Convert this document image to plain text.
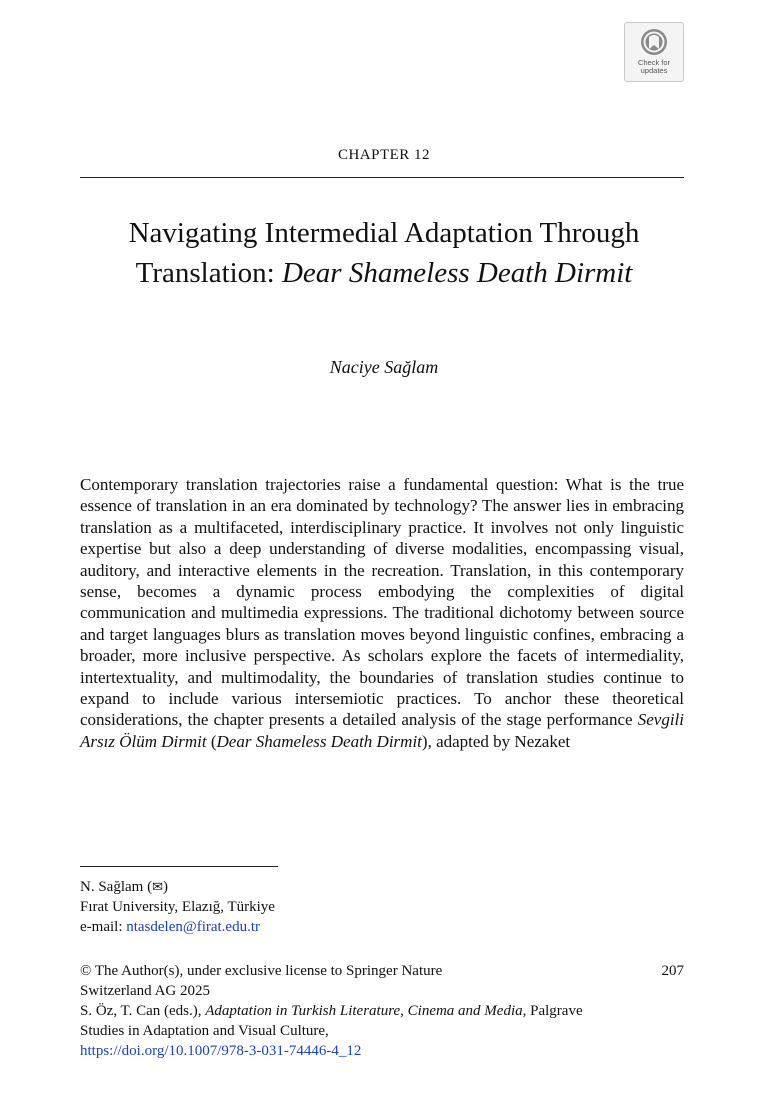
Check for
updates
CHAPTER 12
Navigating Intermedial Adaptation Through Translation: Dear Shameless Death Dirmit
Naciye Sağlam
Contemporary translation trajectories raise a fundamental question: What is the true essence of translation in an era dominated by technology? The answer lies in embracing translation as a multifaceted, interdisciplinary practice. It involves not only linguistic expertise but also a deep understanding of diverse modalities, encompassing visual, auditory, and interactive elements in the recreation. Translation, in this contemporary sense, becomes a dynamic process embodying the complexities of digital communication and multimedia expressions. The traditional dichotomy between source and target languages blurs as translation moves beyond linguistic confines, embracing a broader, more inclusive perspective. As scholars explore the facets of intermediality, intertextuality, and multimodality, the boundaries of translation studies continue to expand to include various intersemiotic practices. To anchor these theoretical considerations, the chapter presents a detailed analysis of the stage performance Sevgili Arsız Ölüm Dirmit (Dear Shameless Death Dirmit), adapted by Nezaket
N. Sağlam (✉)
Fırat University, Elazığ, Türkiye
e-mail: ntasdelen@firat.edu.tr
© The Author(s), under exclusive license to Springer Nature
Switzerland AG 2025
S. Öz, T. Can (eds.), Adaptation in Turkish Literature, Cinema and Media, Palgrave Studies in Adaptation and Visual Culture,
https://doi.org/10.1007/978-3-031-74446-4_12
207
